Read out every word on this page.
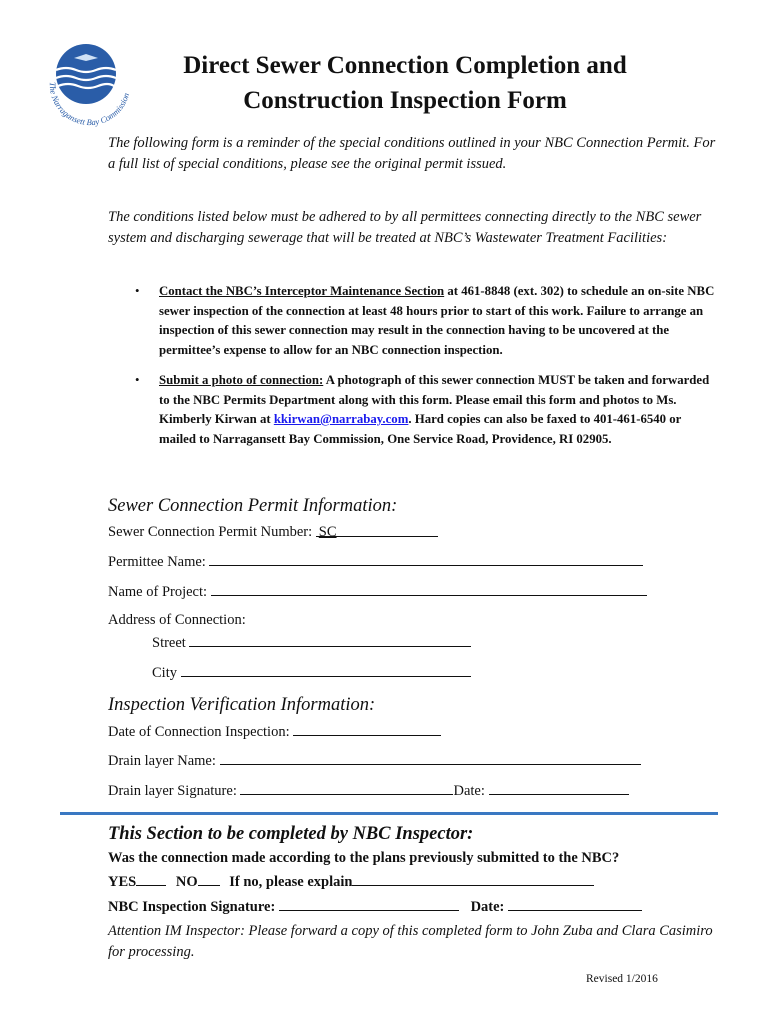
The Narragansett Bay Commission
Direct Sewer Connection Completion and
Construction Inspection Form
The following form is a reminder of the special conditions outlined in your NBC Connection Permit. For a full list of special conditions, please see the original permit issued.
The conditions listed below must be adhered to by all permittees connecting directly to the NBC sewer system and discharging sewerage that will be treated at NBC’s Wastewater Treatment Facilities:
• Contact the NBC’s Interceptor Maintenance Section at 461-8848 (ext. 302) to schedule an on-site NBC sewer inspection of the connection at least 48 hours prior to start of this work. Failure to arrange an inspection of this sewer connection may result in the connection having to be uncovered at the permittee’s expense to allow for an NBC connection inspection.
• Submit a photo of connection: A photograph of this sewer connection MUST be taken and forwarded to the NBC Permits Department along with this form. Please email this form and photos to Ms. Kimberly Kirwan at kkirwan@narrabay.com. Hard copies can also be faxed to 401-461-6540 or mailed to Narragansett Bay Commission, One Service Road, Providence, RI 02905.
Sewer Connection Permit Information:
Sewer Connection Permit Number: SC
Permittee Name:
Name of Project:
Address of Connection:
Street
City
Inspection Verification Information:
Date of Connection Inspection:
Drain layer Name:
Drain layer Signature:	Date:
This Section to be completed by NBC Inspector:
Was the connection made according to the plans previously submitted to the NBC?
YES	NO If no, please explain
NBC Inspection Signature:	Date:
Attention IM Inspector: Please forward a copy of this completed form to John Zuba and Clara Casimiro for processing.
Revised 1/2016
